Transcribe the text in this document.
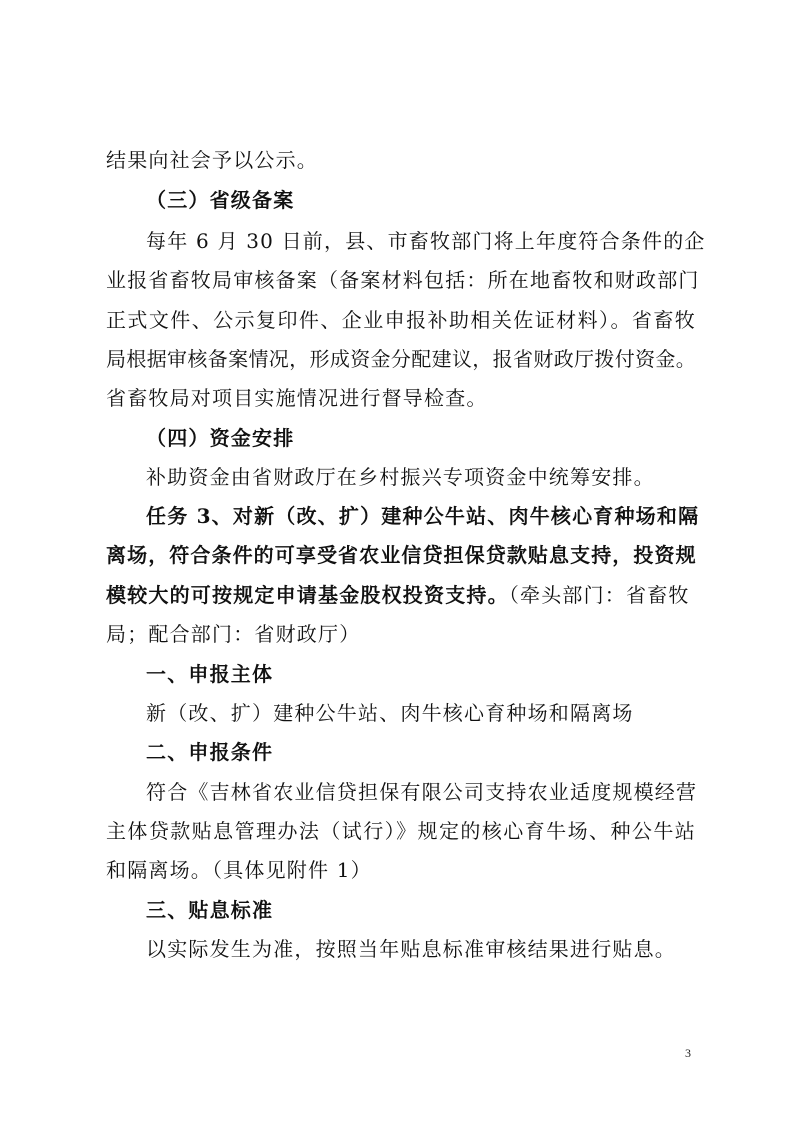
结果向社会予以公示。
（三）省级备案
每年 6 月 30 日前，县、市畜牧部门将上年度符合条件的企
业报省畜牧局审核备案（备案材料包括：所在地畜牧和财政部门
正式文件、公示复印件、企业申报补助相关佐证材料）。省畜牧
局根据审核备案情况，形成资金分配建议，报省财政厅拨付资金。
省畜牧局对项目实施情况进行督导检查。
（四）资金安排
补助资金由省财政厅在乡村振兴专项资金中统筹安排。
任务 3、对新（改、扩）建种公牛站、肉牛核心育种场和隔
离场，符合条件的可享受省农业信贷担保贷款贴息支持，投资规
模较大的可按规定申请基金股权投资支持。（牵头部门：省畜牧
局；配合部门：省财政厅）
一、申报主体
新（改、扩）建种公牛站、肉牛核心育种场和隔离场
二、申报条件
符合《吉林省农业信贷担保有限公司支持农业适度规模经营
主体贷款贴息管理办法（试行）》规定的核心育牛场、种公牛站
和隔离场。（具体见附件 1）
三、贴息标准
以实际发生为准，按照当年贴息标准审核结果进行贴息。
3
